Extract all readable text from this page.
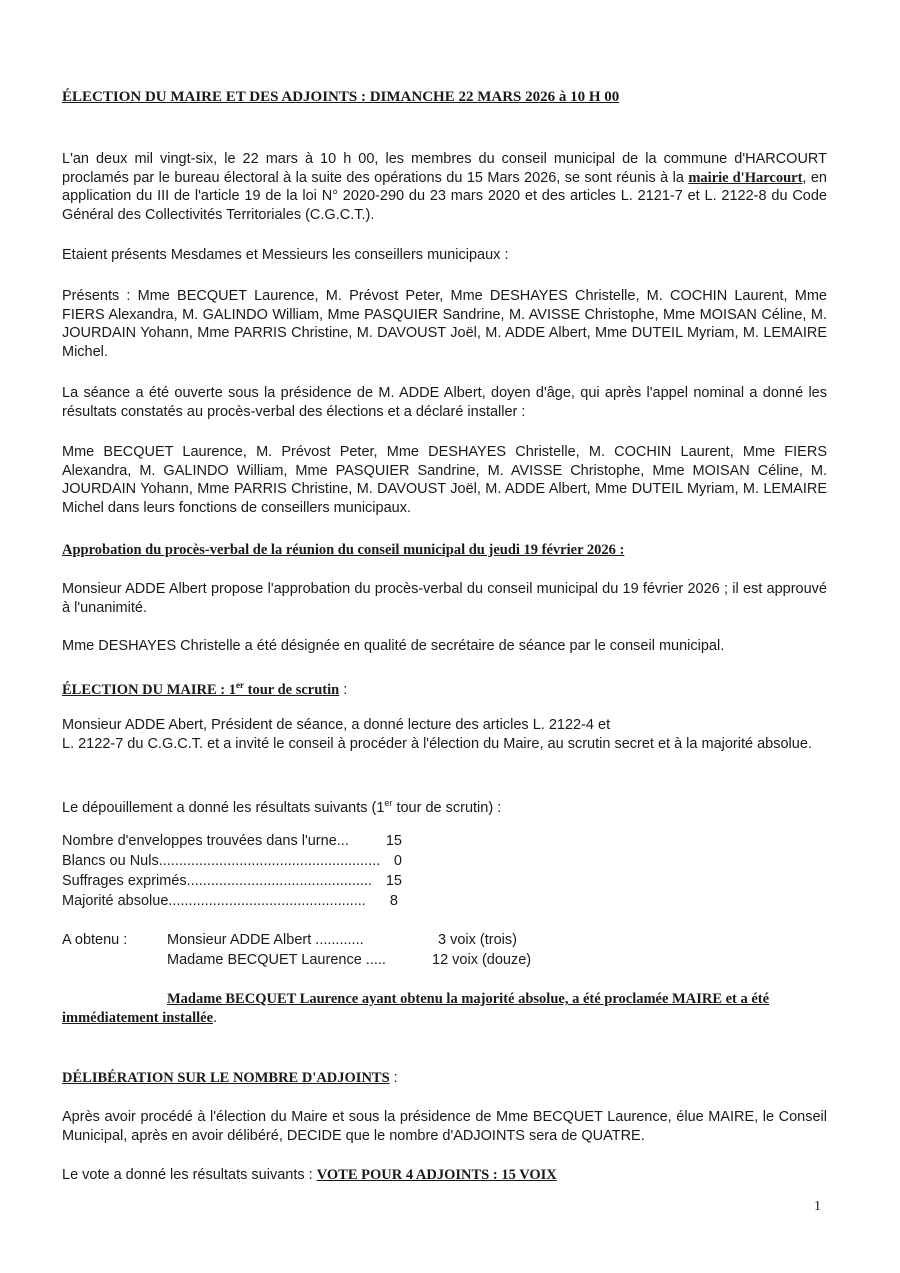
ÉLECTION DU MAIRE ET DES ADJOINTS : DIMANCHE 22 MARS 2026 à 10 H 00

L'an deux mil vingt-six, le 22 mars à 10 h 00, les membres du conseil municipal de la commune d'HARCOURT proclamés par le bureau électoral à la suite des opérations du 15 Mars 2026, se sont réunis à la mairie d'Harcourt, en application du III de l'article 19 de la loi N° 2020-290 du 23 mars 2020 et des articles L. 2121-7 et L. 2122-8 du Code Général des Collectivités Territoriales (C.G.C.T.).

Etaient présents Mesdames et Messieurs les conseillers municipaux :

Présents : Mme BECQUET Laurence, M. Prévost Peter, Mme DESHAYES Christelle, M. COCHIN Laurent, Mme FIERS Alexandra, M. GALINDO William, Mme PASQUIER Sandrine, M. AVISSE Christophe, Mme MOISAN Céline, M. JOURDAIN Yohann, Mme PARRIS Christine, M. DAVOUST Joël, M. ADDE Albert, Mme DUTEIL Myriam, M. LEMAIRE Michel.

La séance a été ouverte sous la présidence de M. ADDE Albert, doyen d'âge, qui après l'appel nominal a donné les résultats constatés au procès-verbal des élections et a déclaré installer :

Mme BECQUET Laurence, M. Prévost Peter, Mme DESHAYES Christelle, M. COCHIN Laurent, Mme FIERS Alexandra, M. GALINDO William, Mme PASQUIER Sandrine, M. AVISSE Christophe, Mme MOISAN Céline, M. JOURDAIN Yohann, Mme PARRIS Christine, M. DAVOUST Joël, M. ADDE Albert, Mme DUTEIL Myriam, M. LEMAIRE Michel dans leurs fonctions de conseillers municipaux.

Approbation du procès-verbal de la réunion du conseil municipal du jeudi 19 février 2026 :

Monsieur ADDE Albert propose l'approbation du procès-verbal du conseil municipal du 19 février 2026 ; il est approuvé à l'unanimité.

Mme DESHAYES Christelle a été désignée en qualité de secrétaire de séance par le conseil municipal.

ÉLECTION DU MAIRE : 1er tour de scrutin :

Monsieur ADDE Abert, Président de séance, a donné lecture des articles L. 2122-4 et

L. 2122-7 du C.G.C.T. et a invité le conseil à procéder à l'élection du Maire, au scrutin secret et à la majorité absolue.

Le dépouillement a donné les résultats suivants (1er tour de scrutin) :

Nombre d'enveloppes trouvées dans l'urne...	15
Blancs ou Nuls....................................................... 0
Suffrages exprimés.............................................. 15
Majorité absolue................................................. 8
A obtenu :	Monsieur ADDE Albert ............	3 voix (trois)
Madame BECQUET Laurence .....	12 voix (douze)

Madame BECQUET Laurence ayant obtenu la majorité absolue, a été proclamée MAIRE et a été immédiatement installée.

DÉLIBÉRATION SUR LE NOMBRE D'ADJOINTS :

Après avoir procédé à l'élection du Maire et sous la présidence de Mme BECQUET Laurence, élue MAIRE, le Conseil Municipal, après en avoir délibéré, DECIDE que le nombre d'ADJOINTS sera de QUATRE.

Le vote a donné les résultats suivants : VOTE POUR 4 ADJOINTS : 15 VOIX

1
